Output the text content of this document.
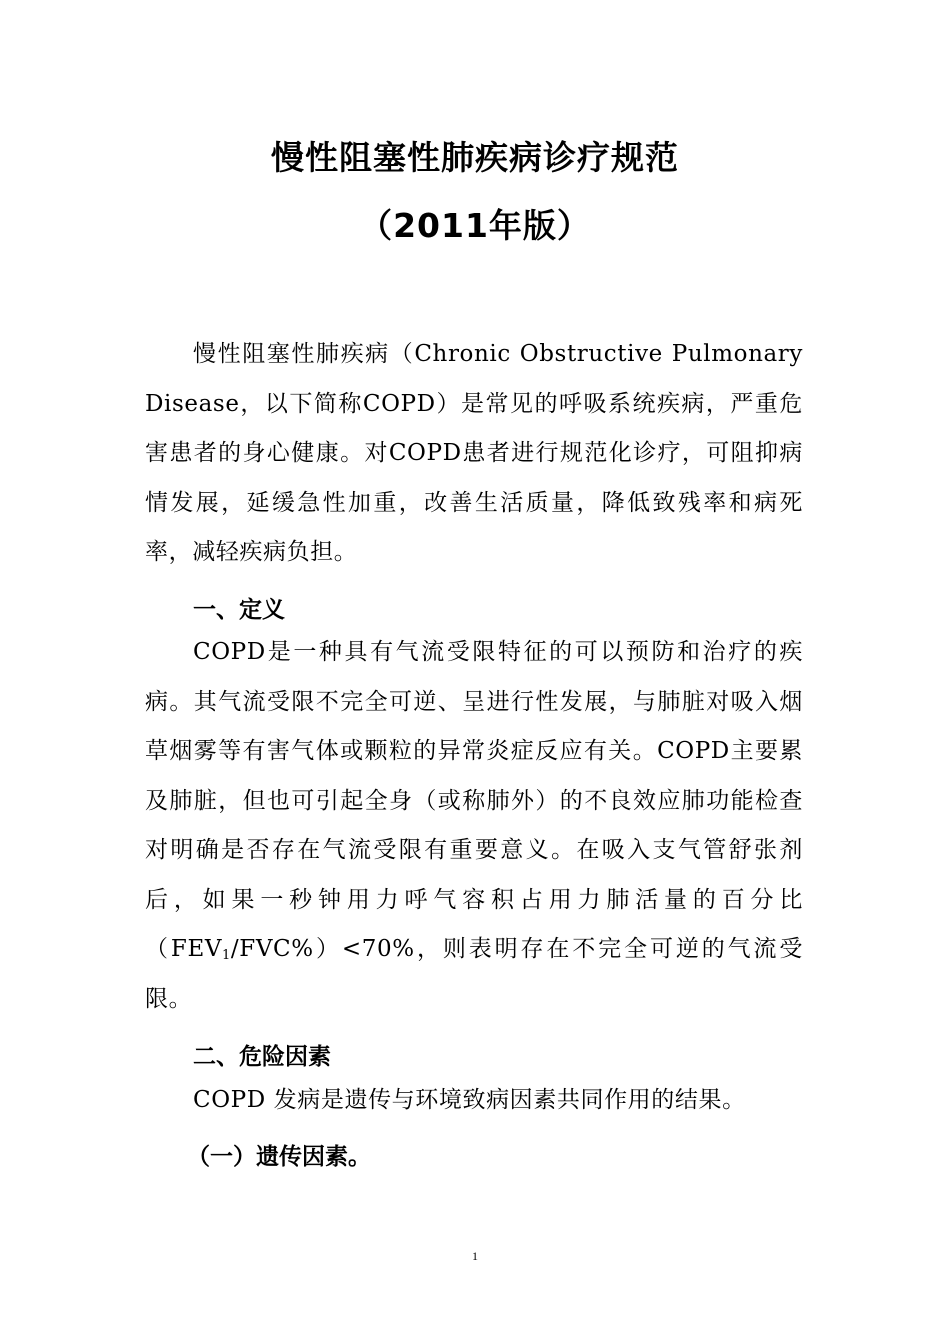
慢性阻塞性肺疾病诊疗规范
（2011年版）

慢性阻塞性肺疾病（Chronic Obstructive Pulmonary Disease，以下简称COPD）是常见的呼吸系统疾病，严重危害患者的身心健康。对COPD患者进行规范化诊疗，可阻抑病情发展，延缓急性加重，改善生活质量，降低致残率和病死率，减轻疾病负担。

一、定义

COPD是一种具有气流受限特征的可以预防和治疗的疾病。其气流受限不完全可逆、呈进行性发展，与肺脏对吸入烟草烟雾等有害气体或颗粒的异常炎症反应有关。COPD主要累及肺脏，但也可引起全身（或称肺外）的不良效应肺功能检查对明确是否存在气流受限有重要意义。在吸入支气管舒张剂后，如果一秒钟用力呼气容积占用力肺活量的百分比$(FEV_1/FVC\%)<70\%$，则表明存在不完全可逆的气流受限。

二、危险因素

COPD 发病是遗传与环境致病因素共同作用的结果。

（一）遗传因素。

1
